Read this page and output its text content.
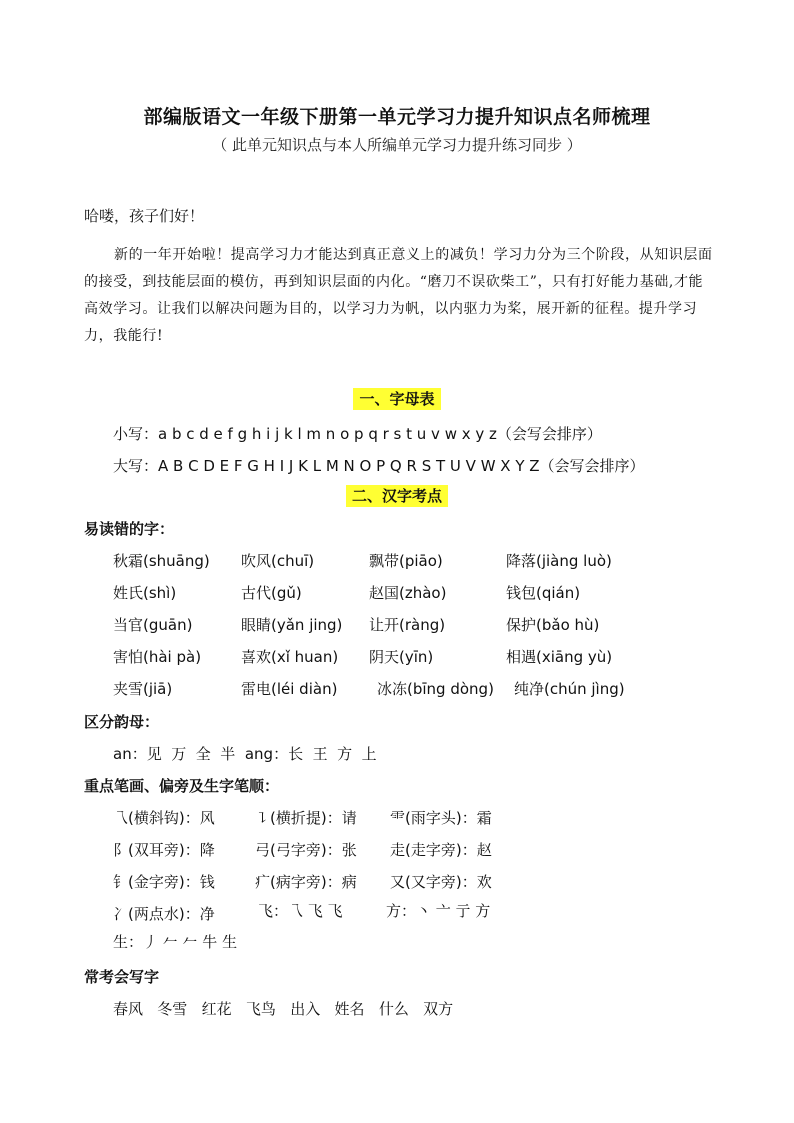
部编版语文一年级下册第一单元学习力提升知识点名师梳理
（ 此单元知识点与本人所编单元学习力提升练习同步 ）
哈喽，孩子们好！
新的一年开始啦！提高学习力才能达到真正意义上的减负！学习力分为三个阶段，从知识层面的接受，到技能层面的模仿，再到知识层面的内化。“磨刀不误砍柴工”，只有打好能力基础,才能高效学习。让我们以解决问题为目的，以学习力为帆，以内驱力为桨，展开新的征程。提升学习力，我能行!
一、字母表
小写：a b c d e f g h i j k l m n o p q r s t u v w x y z（会写会排序）
大写：A B C D E F G H I J K L M N O P Q R S T U V W X Y Z（会写会排序）
二、汉字考点
易读错的字：
秋霜(shuāng) 吹风(chuī)	飘带(piāo)	降落(jiàng luò)
姓氏(shì)	古代(gǔ)	赵国(zhào)	钱包(qián)
当官(guān)	眼睛(yǎn jing) 让开(ràng)	保护(bǎo hù)
害怕(hài pà)	喜欢(xǐ huan) 阴天(yīn)	相遇(xiāng yù)
夹雪(jiā)	雷电(léi diàn)	冰冻(bīng dòng) 纯净(chún jìng)
区分韵母：
an：见  万  全  半  ang：长  王  方  上
重点笔画、偏旁及生字笔顺：
乁(横斜钩)：风	㇊(横折提)：请 ⻗(雨字头)：霜
阝(双耳旁)：降	弓(弓字旁)：张 走(走字旁)：赵
钅(金字旁)：钱	疒(病字旁)：病 又(又字旁)：欢
冫(两点水)：净	飞：乁 飞 飞	方：丶 亠 亍 方
生：丿 𠂉 𠂉 牛 生
常考会写字
春风   冬雪   红花   飞鸟   出入   姓名   什么   双方
